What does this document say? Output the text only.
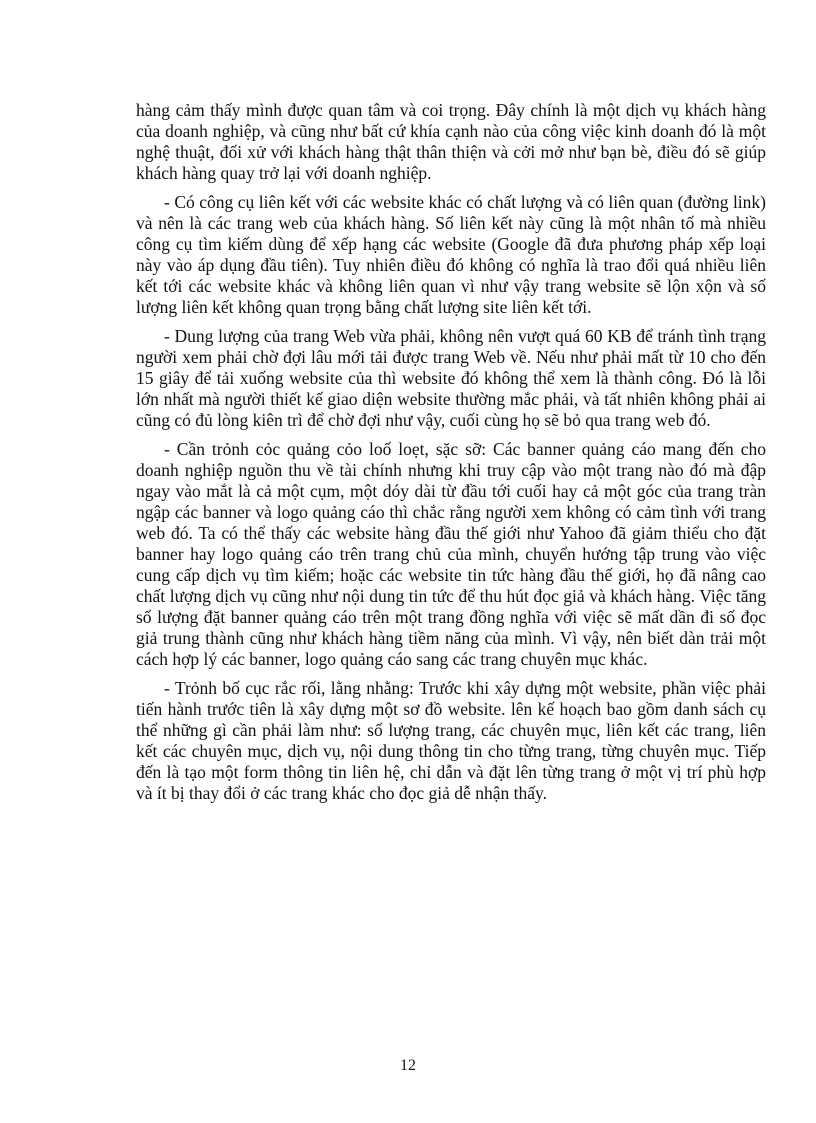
hàng cảm thấy mình được quan tâm và coi trọng. Đây chính là một dịch vụ khách hàng của doanh nghiệp, và cũng như bất cứ khía cạnh nào của công việc kinh doanh đó là một nghệ thuật, đối xử với khách hàng thật thân thiện và cởi mở như bạn bè, điều đó sẽ giúp khách hàng quay trở lại với doanh nghiệp.

- Có công cụ liên kết với các website khác có chất lượng và có liên quan (đường link) và nên là các trang web của khách hàng. Số liên kết này cũng là một nhân tố mà nhiều công cụ tìm kiếm dùng để xếp hạng các website (Google đã đưa phương pháp xếp loại này vào áp dụng đầu tiên). Tuy nhiên điều đó không có nghĩa là trao đổi quá nhiều liên kết tới các website khác và không liên quan vì như vậy trang website sẽ lộn xộn và số lượng liên kết không quan trọng bằng chất lượng site liên kết tới.

- Dung lượng của trang Web vừa phải, không nên vượt quá 60 KB để tránh tình trạng người xem phải chờ đợi lâu mới tải được trang Web về. Nếu như phải mất từ 10 cho đến 15 giây để tải xuống website của thì website đó không thể xem là thành công. Đó là lỗi lớn nhất mà người thiết kế giao diện website thường mắc phải, và tất nhiên không phải ai cũng có đủ lòng kiên trì để chờ đợi như vậy, cuối cùng họ sẽ bỏ qua trang web đó.

- Cần trỏnh cỏc quảng cỏo loố loẹt, sặc sỡ: Các banner quảng cáo mang đến cho doanh nghiệp nguồn thu về tài chính nhưng khi truy cập vào một trang nào đó mà đập ngay vào mắt là cả một cụm, một dóy dài từ đầu tới cuối hay cả một góc của trang tràn ngập các banner và logo quảng cáo thì chắc rằng người xem không có cảm tình với trang web đó. Ta có thể thấy các website hàng đầu thế giới như Yahoo đã giảm thiểu cho đặt banner hay logo quảng cáo trên trang chủ của mình, chuyển hướng tập trung vào việc cung cấp dịch vụ tìm kiếm; hoặc các website tin tức hàng đầu thế giới, họ đã nâng cao chất lượng dịch vụ cũng như nội dung tin tức để thu hút đọc giả và khách hàng. Việc tăng số lượng đặt banner quảng cáo trên một trang đồng nghĩa với việc sẽ mất dần đi số đọc giả trung thành cũng như khách hàng tiềm năng của mình. Vì vậy, nên biết dàn trải một cách hợp lý các banner, logo quảng cáo sang các trang chuyên mục khác.

- Trỏnh bố cục rắc rối, lằng nhằng: Trước khi xây dựng một website, phần việc phải tiến hành trước tiên là xây dựng một sơ đồ website. lên kế hoạch bao gồm danh sách cụ thể những gì cần phải làm như: số lượng trang, các chuyên mục, liên kết các trang, liên kết các chuyên mục, dịch vụ, nội dung thông tin cho từng trang, từng chuyên mục. Tiếp đến là tạo một form thông tin liên hệ, chỉ dẫn và đặt lên từng trang ở một vị trí phù hợp và ít bị thay đổi ở các trang khác cho đọc giả dễ nhận thấy.

12
